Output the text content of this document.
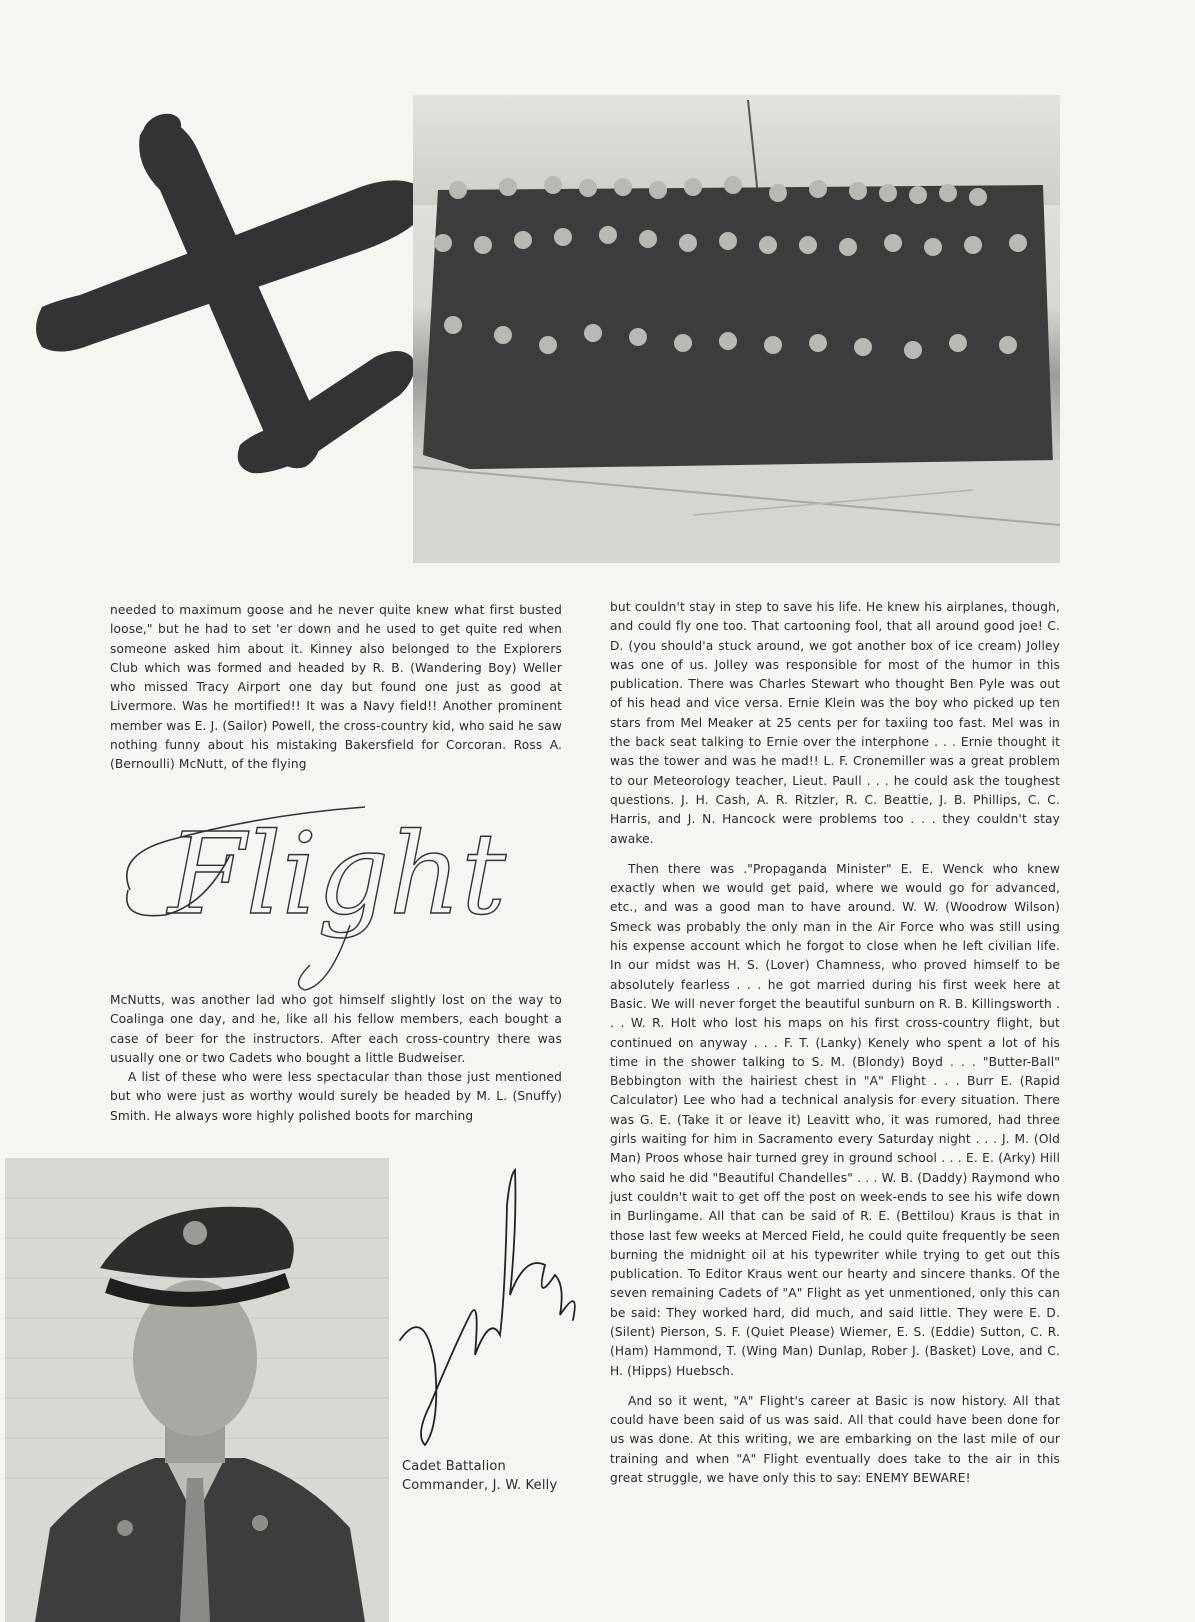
needed to maximum goose and he never quite knew what first busted loose," but he had to set 'er down and he used to get quite red when someone asked him about it. Kinney also belonged to the Explorers Club which was formed and headed by R. B. (Wandering Boy) Weller who missed Tracy Airport one day but found one just as good at Livermore. Was he mortified!! It was a Navy field!! Another prominent member was E. J. (Sailor) Powell, the cross-country kid, who said he saw nothing funny about his mistaking Bakersfield for Corcoran. Ross A. (Bernoulli) McNutt, of the flying

Flight

McNutts, was another lad who got himself slightly lost on the way to Coalinga one day, and he, like all his fellow members, each bought a case of beer for the instructors. After each cross-country there was usually one or two Cadets who bought a little Budweiser.

A list of these who were less spectacular than those just mentioned but who were just as worthy would surely be headed by M. L. (Snuffy) Smith. He always wore highly polished boots for marching

but couldn't stay in step to save his life. He knew his airplanes, though, and could fly one too. That cartooning fool, that all around good joe! C. D. (you should'a stuck around, we got another box of ice cream) Jolley was one of us. Jolley was responsible for most of the humor in this publication. There was Charles Stewart who thought Ben Pyle was out of his head and vice versa. Ernie Klein was the boy who picked up ten stars from Mel Meaker at 25 cents per for taxiing too fast. Mel was in the back seat talking to Ernie over the interphone . . . Ernie thought it was the tower and was he mad!! L. F. Cronemiller was a great problem to our Meteorology teacher, Lieut. Paull . . . he could ask the toughest questions. J. H. Cash, A. R. Ritzler, R. C. Beattie, J. B. Phillips, C. C. Harris, and J. N. Hancock were problems too . . . they couldn't stay awake.

Then there was ."Propaganda Minister" E. E. Wenck who knew exactly when we would get paid, where we would go for advanced, etc., and was a good man to have around. W. W. (Woodrow Wilson) Smeck was probably the only man in the Air Force who was still using his expense account which he forgot to close when he left civilian life. In our midst was H. S. (Lover) Chamness, who proved himself to be absolutely fearless . . . he got married during his first week here at Basic. We will never forget the beautiful sunburn on R. B. Killingsworth . . . W. R. Holt who lost his maps on his first cross-country flight, but continued on anyway . . . F. T. (Lanky) Kenely who spent a lot of his time in the shower talking to S. M. (Blondy) Boyd . . . "Butter-Ball" Bebbington with the hairiest chest in "A" Flight . . . Burr E. (Rapid Calculator) Lee who had a technical analysis for every situation. There was G. E. (Take it or leave it) Leavitt who, it was rumored, had three girls waiting for him in Sacramento every Saturday night . . . J. M. (Old Man) Proos whose hair turned grey in ground school . . . E. E. (Arky) Hill who said he did "Beautiful Chandelles" . . . W. B. (Daddy) Raymond who just couldn't wait to get off the post on week-ends to see his wife down in Burlingame. All that can be said of R. E. (Bettilou) Kraus is that in those last few weeks at Merced Field, he could quite frequently be seen burning the midnight oil at his typewriter while trying to get out this publication. To Editor Kraus went our hearty and sincere thanks. Of the seven remaining Cadets of "A" Flight as yet unmentioned, only this can be said: They worked hard, did much, and said little. They were E. D. (Silent) Pierson, S. F. (Quiet Please) Wiemer, E. S. (Eddie) Sutton, C. R. (Ham) Hammond, T. (Wing Man) Dunlap, Rober J. (Basket) Love, and C. H. (Hipps) Huebsch.

And so it went, "A" Flight's career at Basic is now history. All that could have been said of us was said. All that could have been done for us was done. At this writing, we are embarking on the last mile of our training and when "A" Flight eventually does take to the air in this great struggle, we have only this to say: ENEMY BEWARE!

Cadet Battalion
Commander, J. W. Kelly
